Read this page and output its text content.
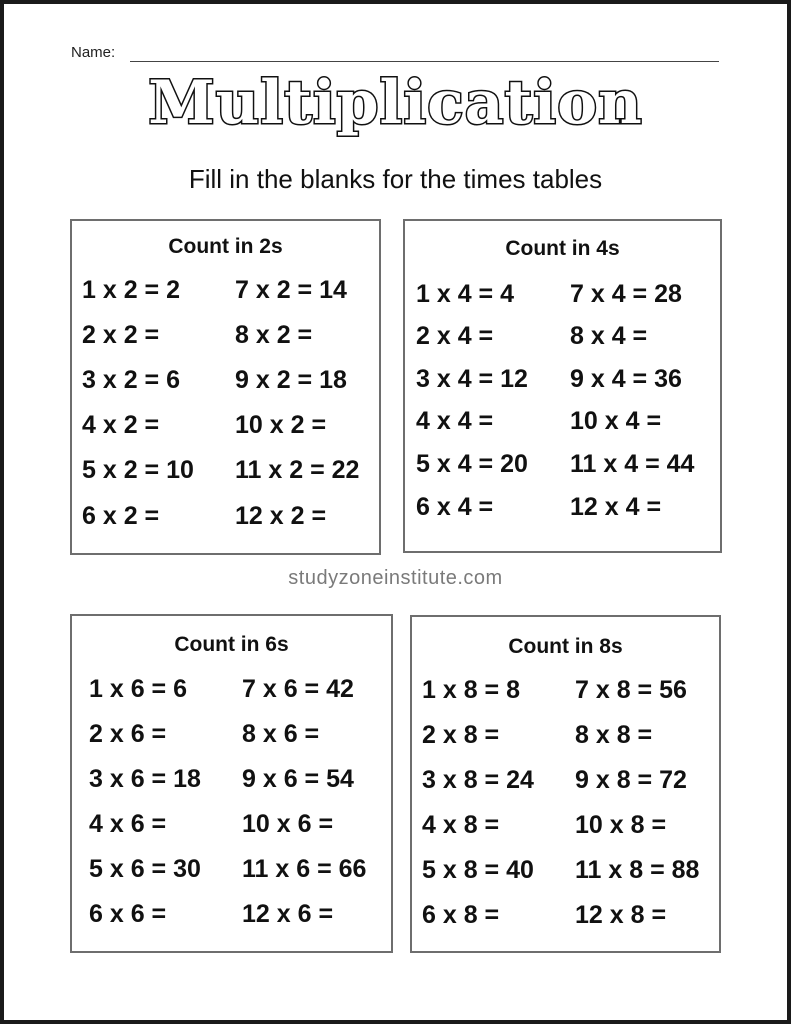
Name:
Multiplication
Fill in the blanks for the times tables
Count in 2s
1 x 2 = 2
2 x 2 =
3 x 2 = 6
4 x 2 =
5 x 2 = 10
6 x 2 =
7 x 2 = 14
8 x 2 =
9 x 2 = 18
10 x 2 =
11 x 2 = 22
12 x 2 =
Count in 4s
1 x 4 = 4
2 x 4 =
3 x 4 = 12
4 x 4 =
5 x 4 = 20
6 x 4 =
7 x 4 = 28
8 x 4 =
9 x 4 = 36
10 x 4 =
11 x 4 = 44
12 x 4 =
studyzoneinstitute.com
Count in 6s
1 x 6 = 6
2 x 6 =
3 x 6 = 18
4 x 6 =
5 x 6 = 30
6 x 6 =
7 x 6 = 42
8 x 6 =
9 x 6 = 54
10 x 6 =
11 x 6 = 66
12 x 6 =
Count in 8s
1 x 8 = 8
2 x 8 =
3 x 8 = 24
4 x 8 =
5 x 8 = 40
6 x 8 =
7 x 8 = 56
8 x 8 =
9 x 8 = 72
10 x 8 =
11 x 8 = 88
12 x 8 =
